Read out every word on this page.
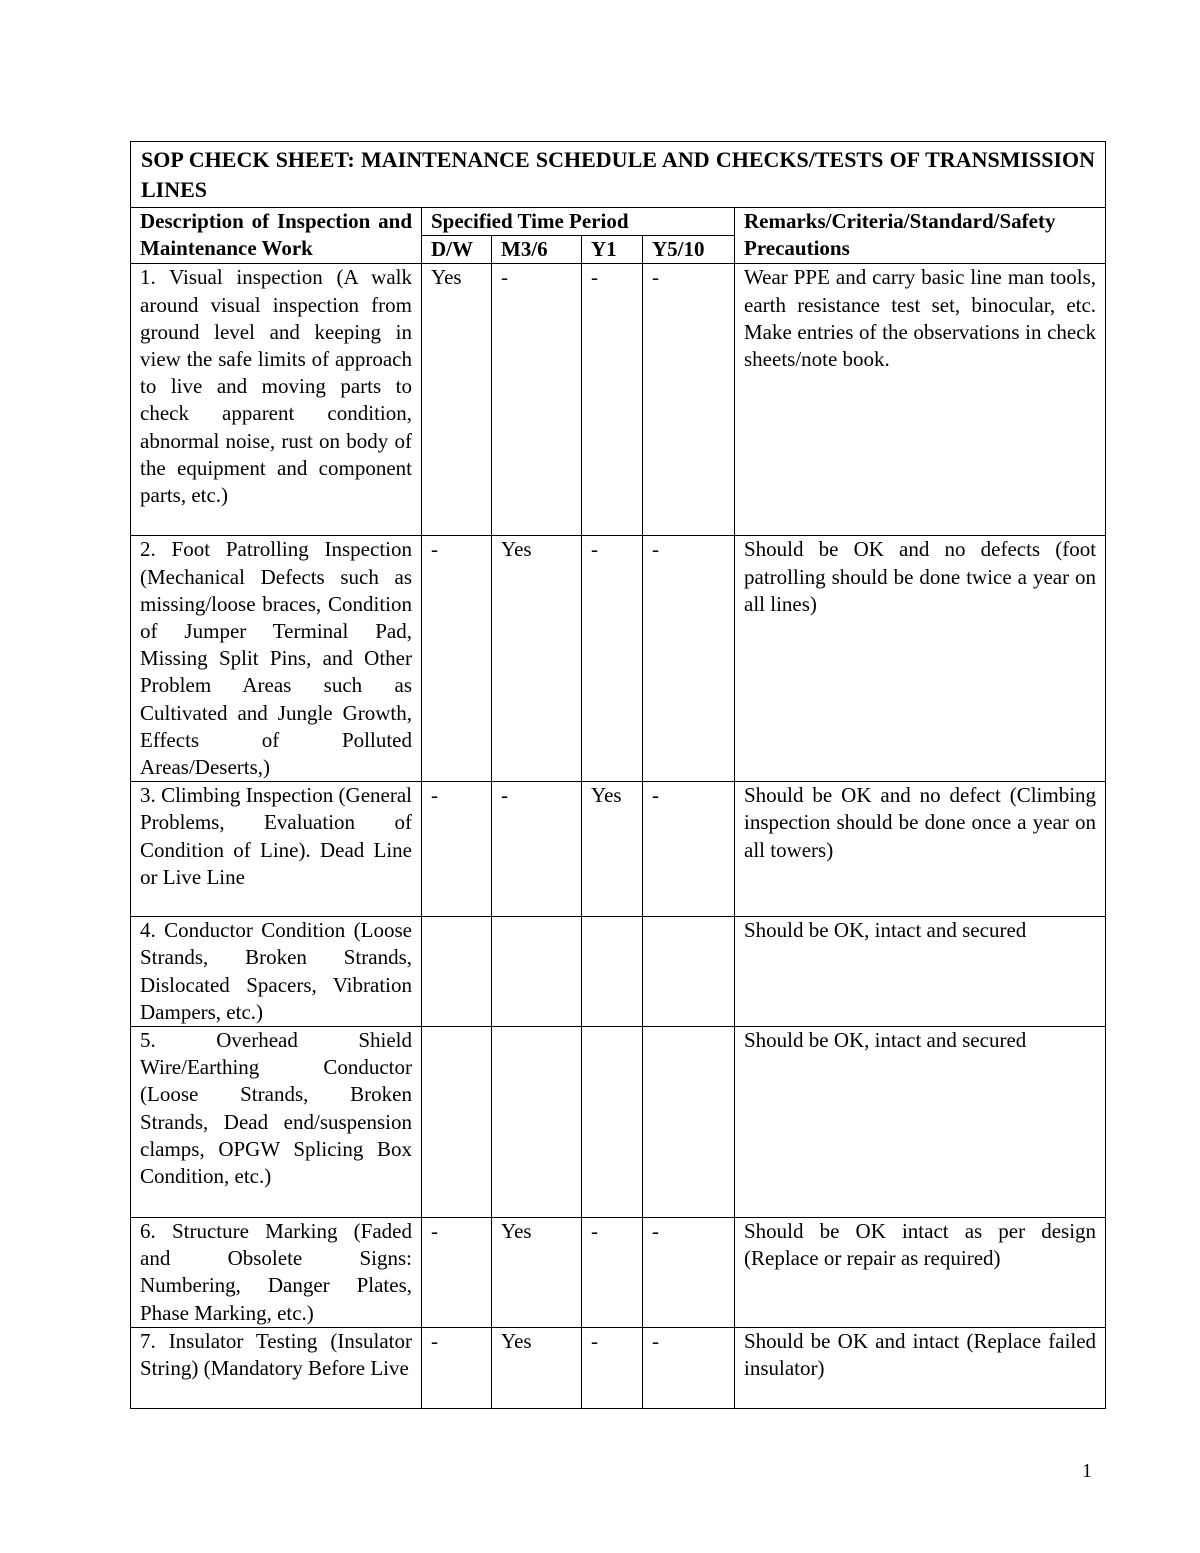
SOP CHECK SHEET: MAINTENANCE SCHEDULE AND CHECKS/TESTS OF TRANSMISSION LINES					
Description of Inspection and Maintenance Work	Specified Time Period				Remarks/Criteria/Standard/Safety Precautions
	D/W	M3/6	Y1	Y5/10	
1. Visual inspection (A walk around visual inspection from ground level and keeping in view the safe limits of approach to live and moving parts to check apparent condition, abnormal noise, rust on body of the equipment and component parts, etc.)	Yes	-	-	-	Wear PPE and carry basic line man tools, earth resistance test set, binocular, etc. Make entries of the observations in check sheets/note book.
2. Foot Patrolling Inspection (Mechanical Defects such as missing/loose braces, Condition of Jumper Terminal Pad, Missing Split Pins, and Other Problem Areas such as Cultivated and Jungle Growth, Effects of Polluted Areas/Deserts,)	-	Yes	-	-	Should be OK and no defects (foot patrolling should be done twice a year on all lines)
3. Climbing Inspection (General Problems, Evaluation of Condition of Line). Dead Line or Live Line	-	-	Yes	-	Should be OK and no defect (Climbing inspection should be done once a year on all towers)
4. Conductor Condition (Loose Strands, Broken Strands, Dislocated Spacers, Vibration Dampers, etc.)					Should be OK, intact and secured
5. Overhead Shield Wire/Earthing Conductor (Loose Strands, Broken Strands, Dead end/suspension clamps, OPGW Splicing Box Condition, etc.)					Should be OK, intact and secured
6. Structure Marking (Faded and Obsolete Signs: Numbering, Danger Plates, Phase Marking, etc.)	-	Yes	-	-	Should be OK intact as per design (Replace or repair as required)
7. Insulator Testing (Insulator String) (Mandatory Before Live	-	Yes	-	-	Should be OK and intact (Replace failed insulator)
1
